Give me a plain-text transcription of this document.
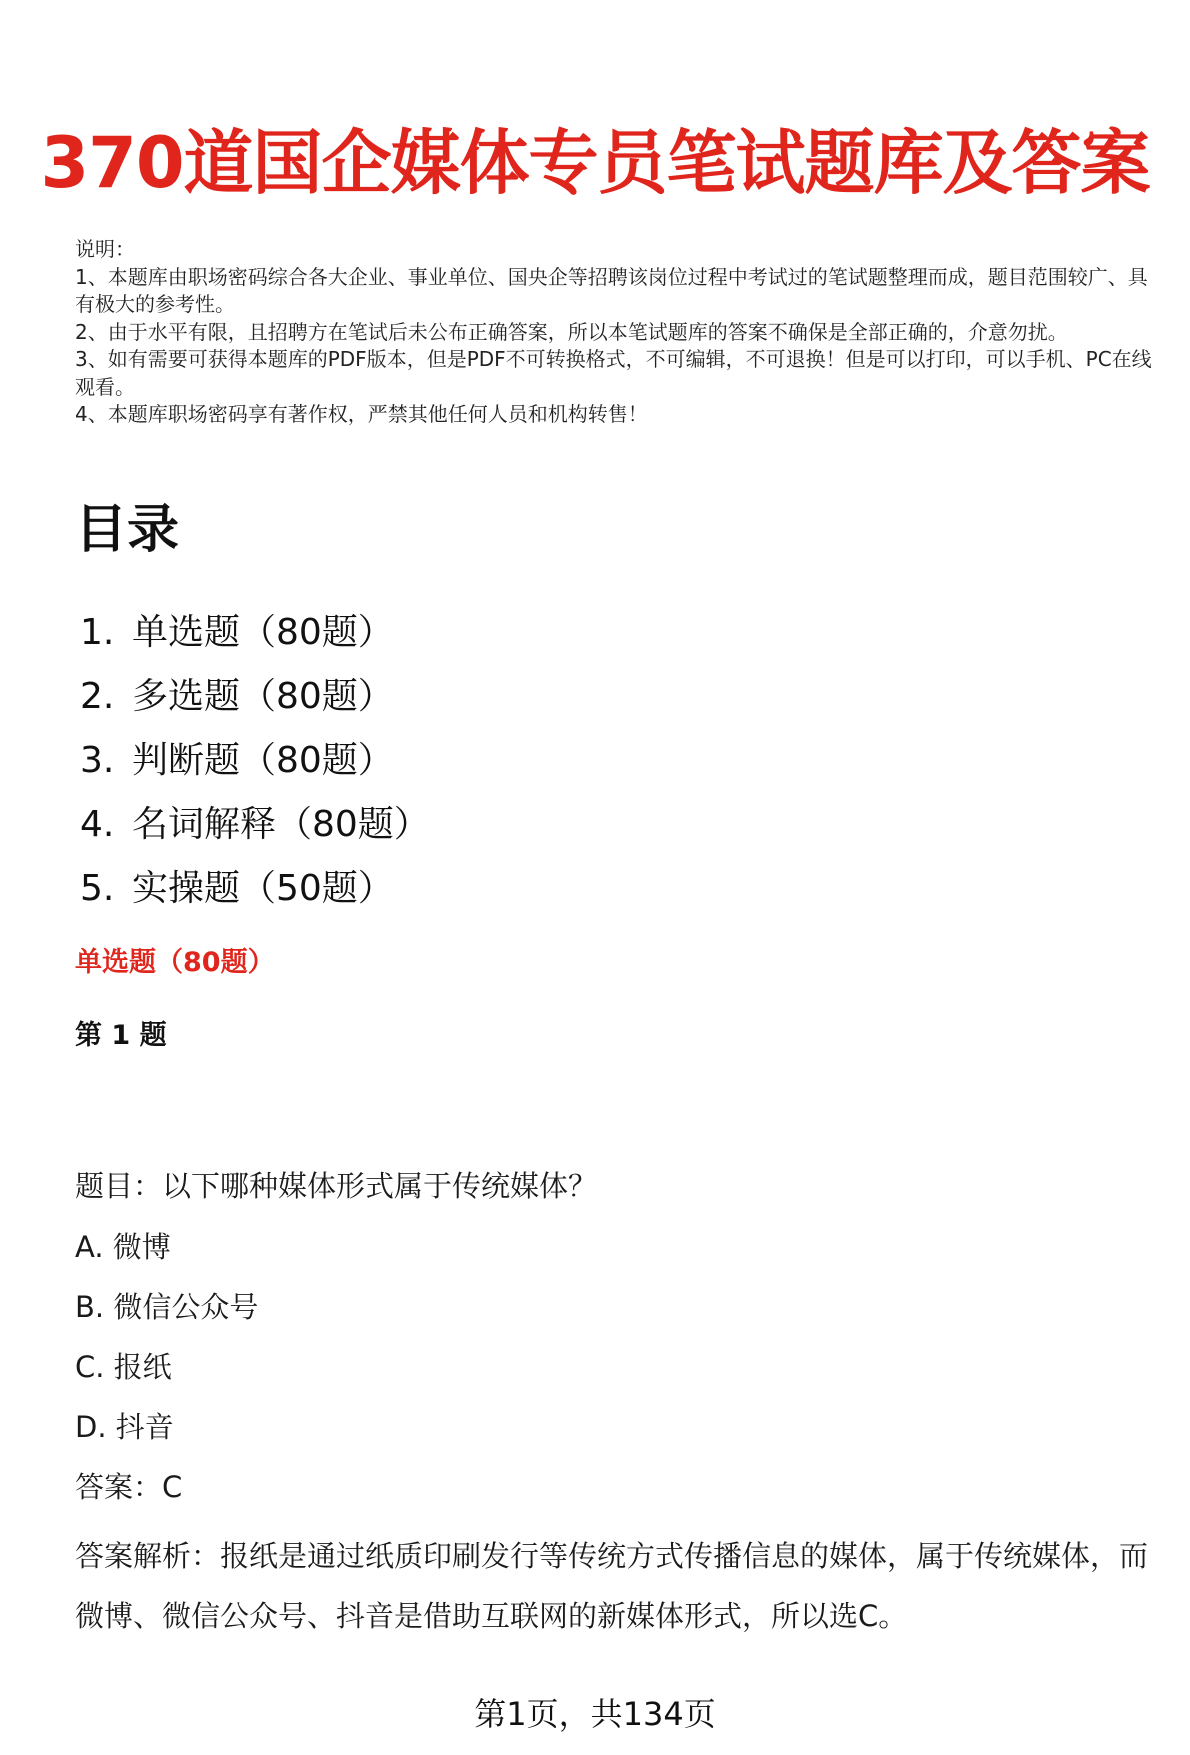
370道国企媒体专员笔试题库及答案
说明：
1、本题库由职场密码综合各大企业、事业单位、国央企等招聘该岗位过程中考试过的笔试题整理而成，题目范围较广、具有极大的参考性。
2、由于水平有限，且招聘方在笔试后未公布正确答案，所以本笔试题库的答案不确保是全部正确的，介意勿扰。
3、如有需要可获得本题库的PDF版本，但是PDF不可转换格式，不可编辑，不可退换！但是可以打印，可以手机、PC在线观看。
4、本题库职场密码享有著作权，严禁其他任何人员和机构转售！
目录
1. 单选题（80题）
2. 多选题（80题）
3. 判断题（80题）
4. 名词解释（80题）
5. 实操题（50题）
单选题（80题）
第 1 题
题目：以下哪种媒体形式属于传统媒体？
A. 微博
B. 微信公众号
C. 报纸
D. 抖音
答案：C
答案解析：报纸是通过纸质印刷发行等传统方式传播信息的媒体，属于传统媒体，而微博、微信公众号、抖音是借助互联网的新媒体形式，所以选C。
第1页，共134页
